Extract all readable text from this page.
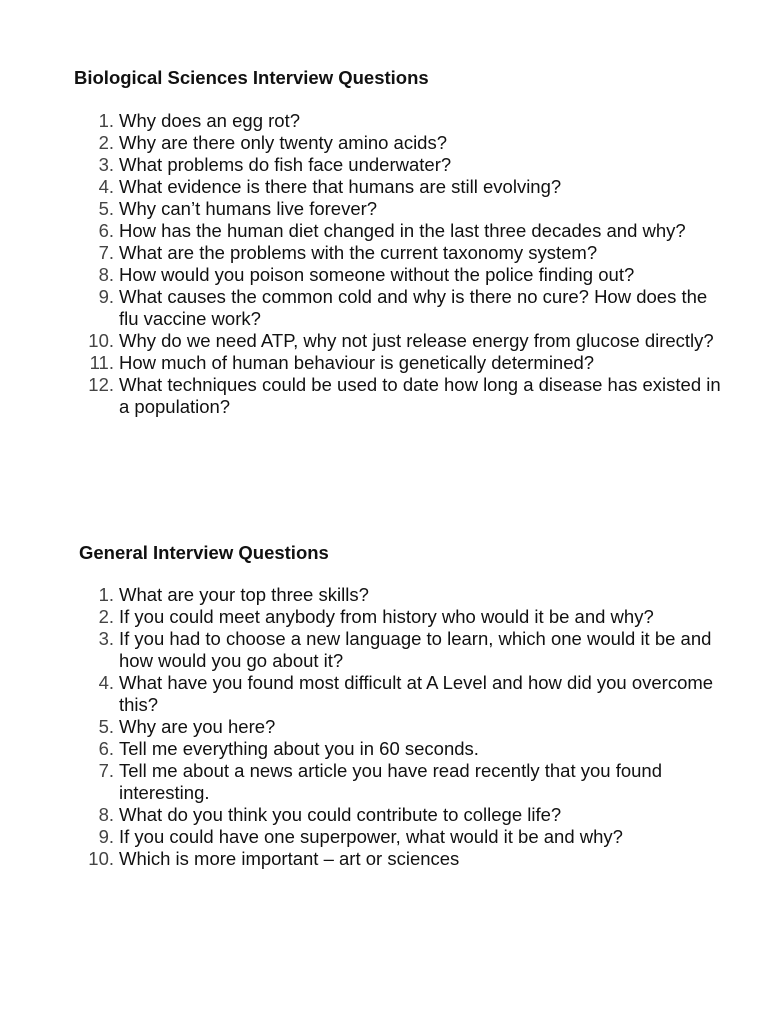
Biological Sciences Interview Questions
1. Why does an egg rot?
2. Why are there only twenty amino acids?
3. What problems do fish face underwater?
4. What evidence is there that humans are still evolving?
5. Why can’t humans live forever?
6. How has the human diet changed in the last three decades and why?
7. What are the problems with the current taxonomy system?
8. How would you poison someone without the police finding out?
9. What causes the common cold and why is there no cure? How does the flu vaccine work?
10. Why do we need ATP, why not just release energy from glucose directly?
11. How much of human behaviour is genetically determined?
12. What techniques could be used to date how long a disease has existed in a population?
General Interview Questions
1. What are your top three skills?
2. If you could meet anybody from history who would it be and why?
3. If you had to choose a new language to learn, which one would it be and how would you go about it?
4. What have you found most difficult at A Level and how did you overcome this?
5. Why are you here?
6. Tell me everything about you in 60 seconds.
7. Tell me about a news article you have read recently that you found interesting.
8. What do you think you could contribute to college life?
9. If you could have one superpower, what would it be and why?
10. Which is more important – art or sciences
